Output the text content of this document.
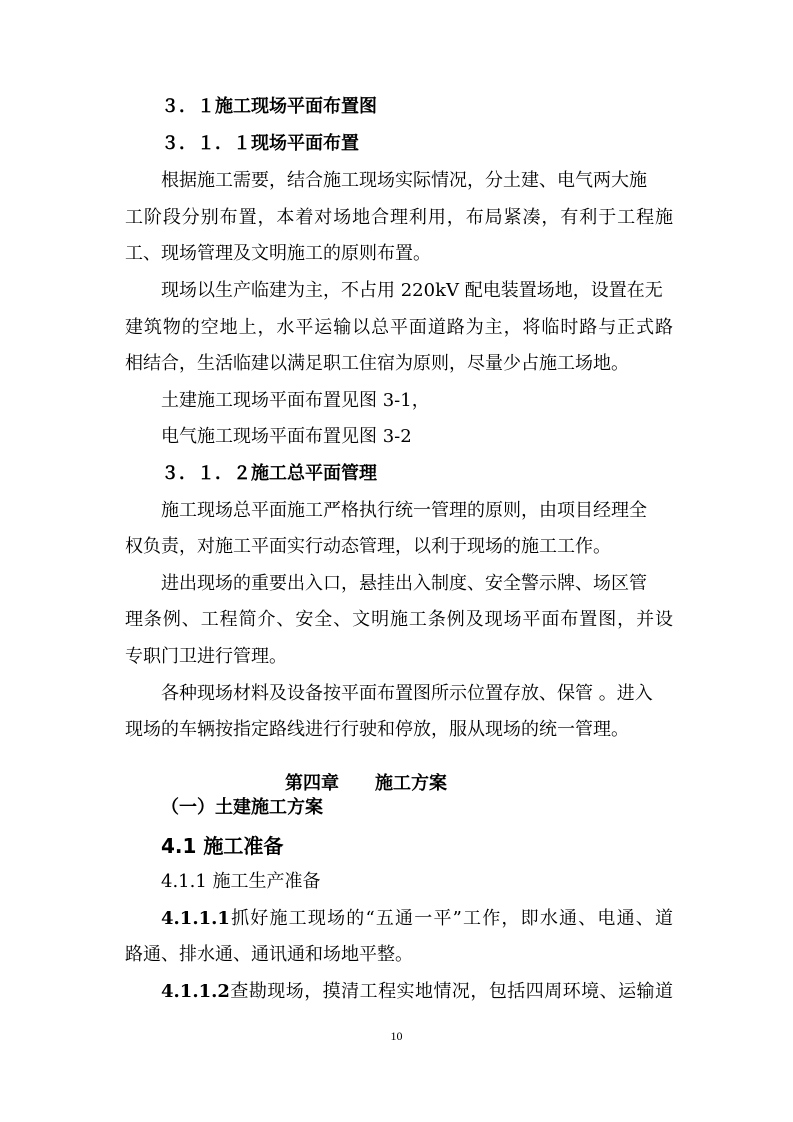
３．１施工现场平面布置图

３．１．１现场平面布置

根据施工需要，结合施工现场实际情况，分土建、电气两大施

工阶段分别布置，本着对场地合理利用，布局紧凑，有利于工程施

工、现场管理及文明施工的原则布置。

现场以生产临建为主，不占用 220kV 配电装置场地，设置在无

建筑物的空地上，水平运输以总平面道路为主，将临时路与正式路

相结合，生活临建以满足职工住宿为原则，尽量少占施工场地。

土建施工现场平面布置见图 3-1，

电气施工现场平面布置见图 3-2

３．１．２施工总平面管理

施工现场总平面施工严格执行统一管理的原则，由项目经理全

权负责，对施工平面实行动态管理，以利于现场的施工工作。

进出现场的重要出入口，悬挂出入制度、安全警示牌、场区管

理条例、工程简介、安全、文明施工条例及现场平面布置图，并设

专职门卫进行管理。

各种现场材料及设备按平面布置图所示位置存放、保管 。进入

现场的车辆按指定路线进行行驶和停放，服从现场的统一管理。

第四章 施工方案

（一）土建施工方案

4.1 施工准备

4.1.1 施工生产准备

4.1.1.1抓好施工现场的“五通一平”工作，即水通、电通、道

路通、排水通、通讯通和场地平整。

4.1.1.2查勘现场，摸清工程实地情况，包括四周环境、运输道

10
